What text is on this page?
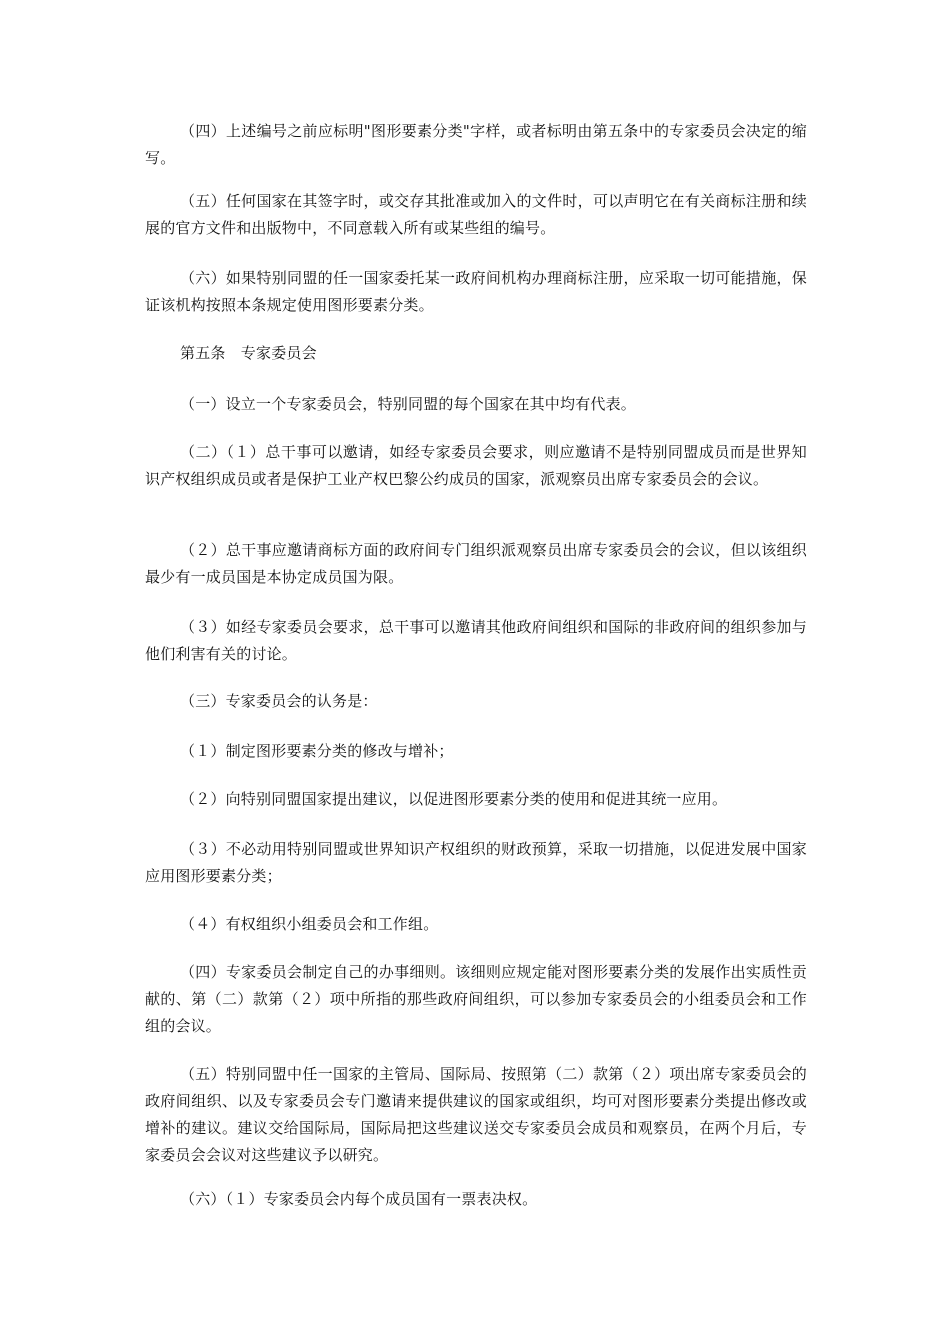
（四）上述编号之前应标明"图形要素分类"字样，或者标明由第五条中的专家委员会决定的缩写。

（五）任何国家在其签字时，或交存其批准或加入的文件时，可以声明它在有关商标注册和续展的官方文件和出版物中，不同意载入所有或某些组的编号。

（六）如果特别同盟的任一国家委托某一政府间机构办理商标注册，应采取一切可能措施，保证该机构按照本条规定使用图形要素分类。

第五条　专家委员会

（一）设立一个专家委员会，特别同盟的每个国家在其中均有代表。

（二）（１）总干事可以邀请，如经专家委员会要求，则应邀请不是特别同盟成员而是世界知识产权组织成员或者是保护工业产权巴黎公约成员的国家，派观察员出席专家委员会的会议。

（２）总干事应邀请商标方面的政府间专门组织派观察员出席专家委员会的会议，但以该组织最少有一成员国是本协定成员国为限。

（３）如经专家委员会要求，总干事可以邀请其他政府间组织和国际的非政府间的组织参加与他们利害有关的讨论。

（三）专家委员会的认务是：

（１）制定图形要素分类的修改与增补；

（２）向特别同盟国家提出建议，以促进图形要素分类的使用和促进其统一应用。

（３）不必动用特别同盟或世界知识产权组织的财政预算，采取一切措施，以促进发展中国家应用图形要素分类；

（４）有权组织小组委员会和工作组。

（四）专家委员会制定自己的办事细则。该细则应规定能对图形要素分类的发展作出实质性贡献的、第（二）款第（２）项中所指的那些政府间组织，可以参加专家委员会的小组委员会和工作组的会议。

（五）特别同盟中任一国家的主管局、国际局、按照第（二）款第（２）项出席专家委员会的政府间组织、以及专家委员会专门邀请来提供建议的国家或组织，均可对图形要素分类提出修改或增补的建议。建议交给国际局，国际局把这些建议送交专家委员会成员和观察员，在两个月后，专家委员会会议对这些建议予以研究。

（六）（１）专家委员会内每个成员国有一票表决权。
